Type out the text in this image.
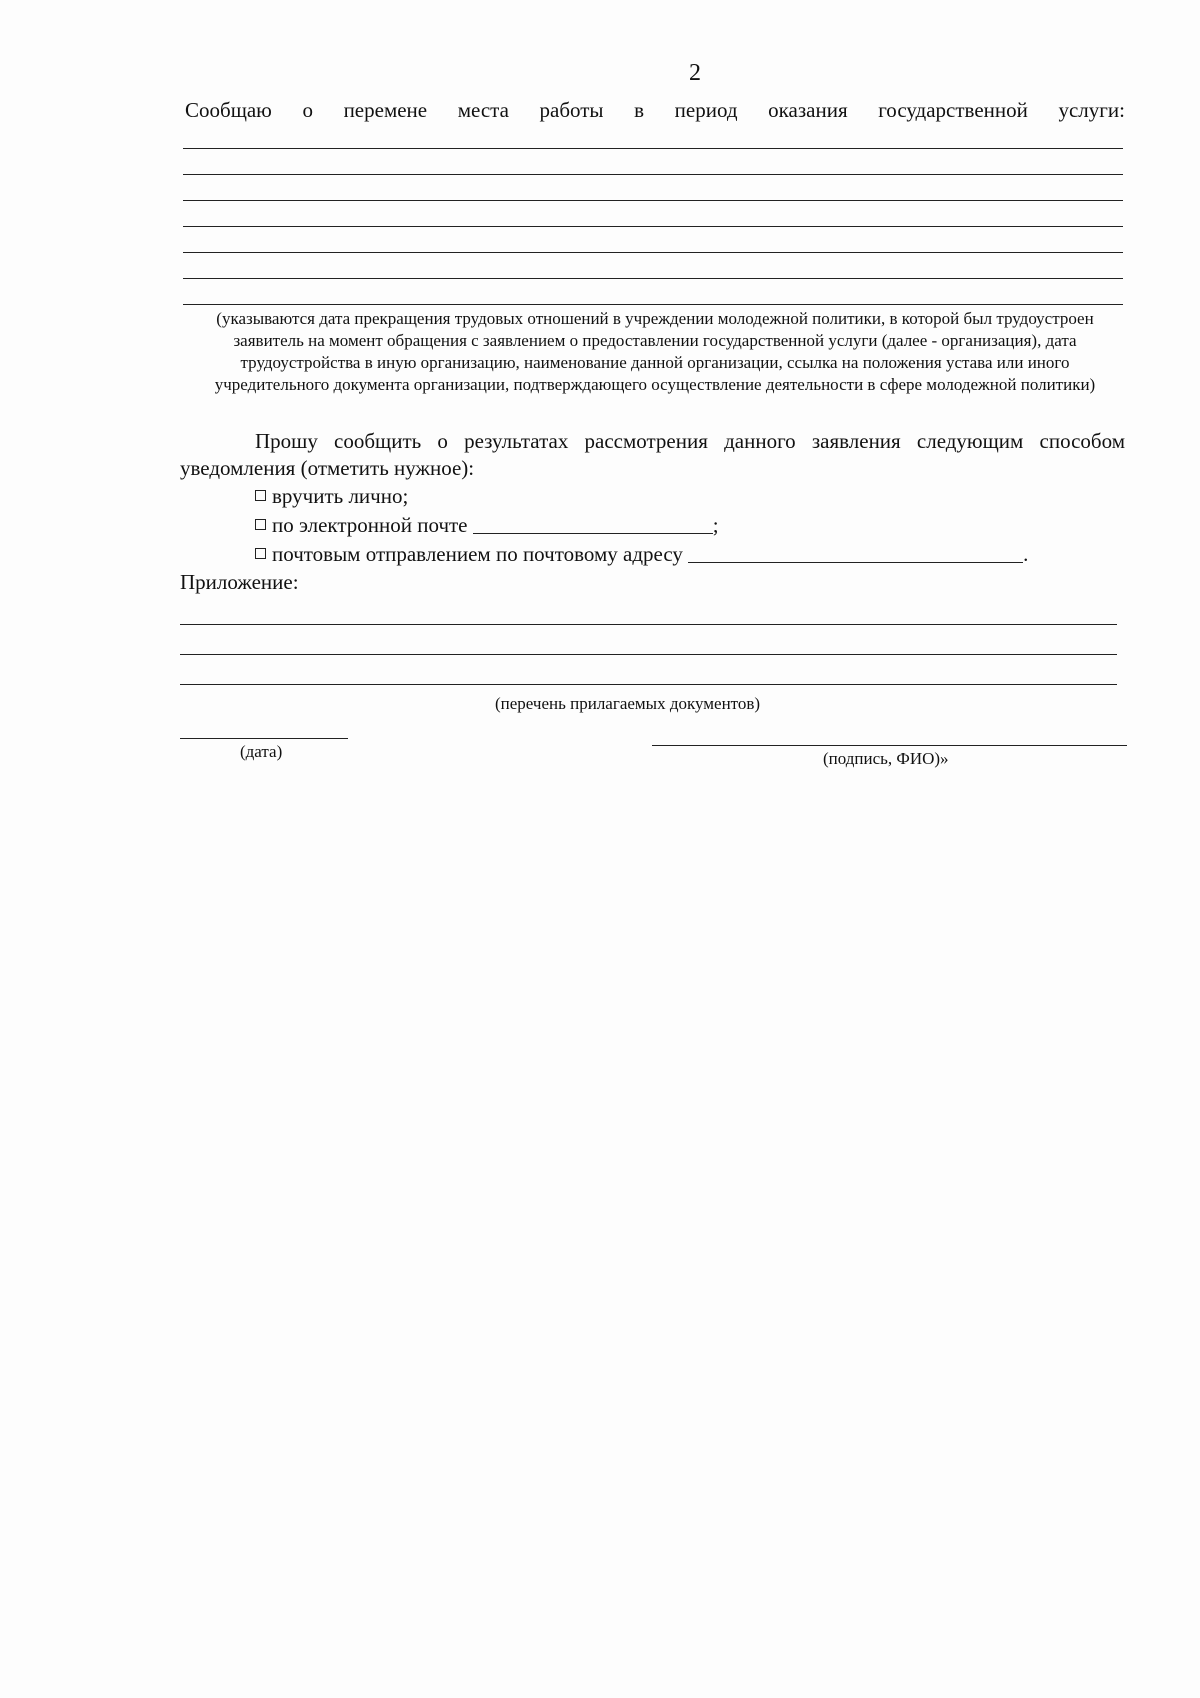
2
Сообщаю о перемене места работы в период оказания государственной услуги:
(указываются дата прекращения трудовых отношений в учреждении молодежной политики, в которой был трудоустроен заявитель на момент обращения с заявлением о предоставлении государственной услуги (далее - организация), дата трудоустройства в иную организацию, наименование данной организации, ссылка на положения устава или иного учредительного документа организации, подтверждающего осуществление деятельности в сфере молодежной политики)
Прошу сообщить о результатах рассмотрения данного заявления следующим способом уведомления (отметить нужное):
вручить лично;
по электронной почте	;
почтовым отправлением по почтовому адресу	.
Приложение:
(перечень прилагаемых документов)
(дата)	(подпись, ФИО)»
